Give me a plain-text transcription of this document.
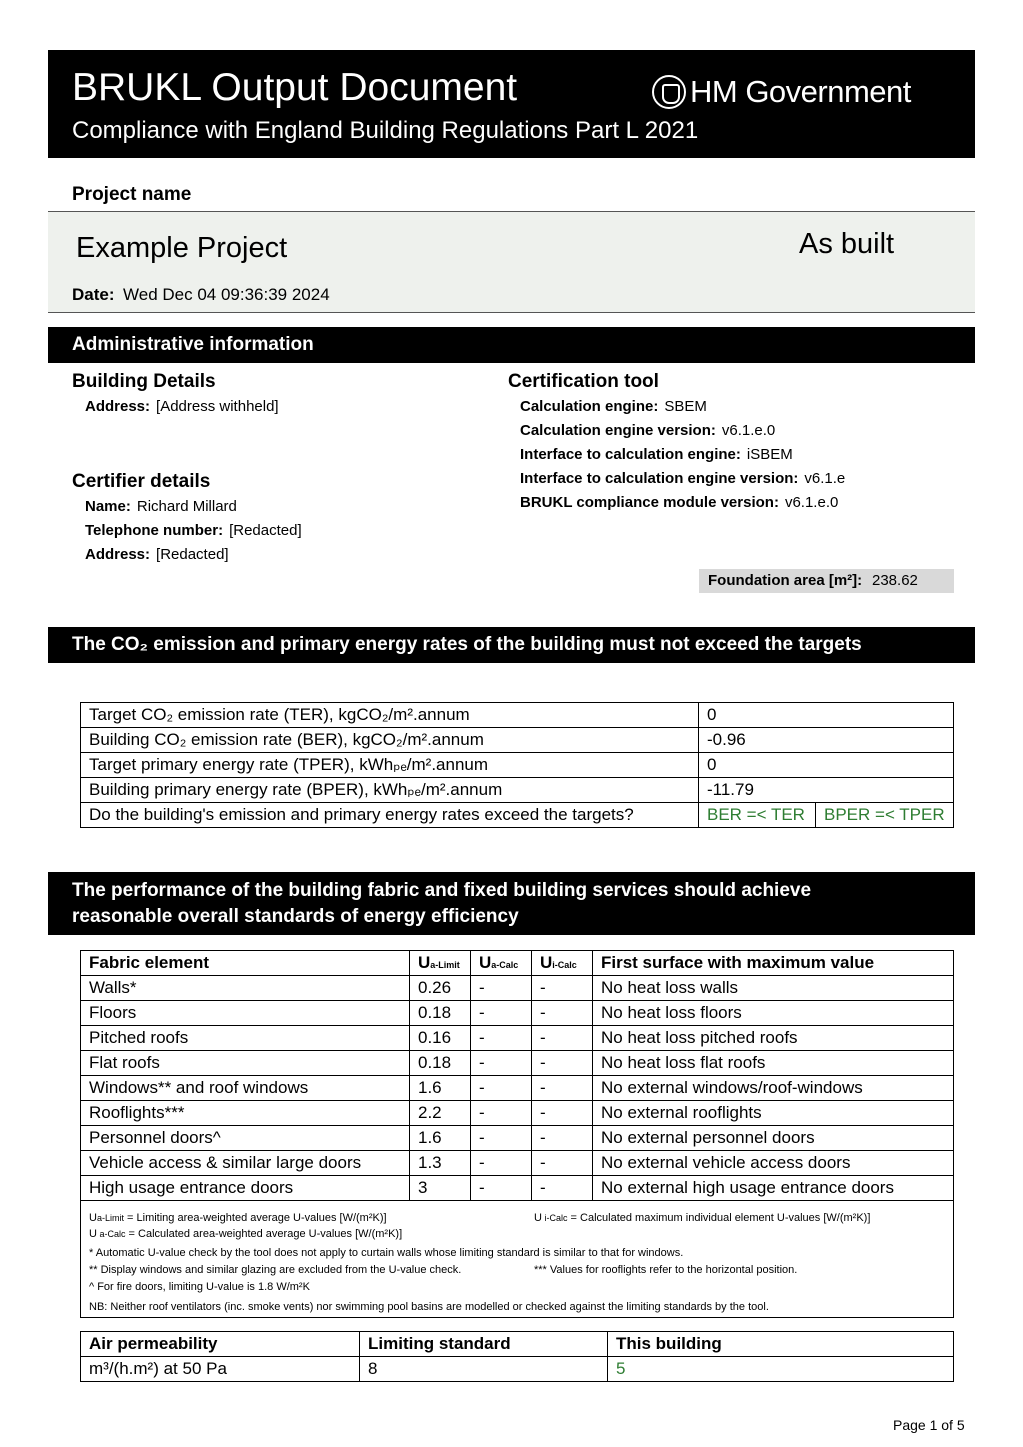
BRUKL Output Document
Compliance with England Building Regulations Part L 2021
HM Government
Project name
Example Project	As built
Date: Wed Dec 04 09:36:39 2024
Administrative information
Building Details
Address: [Address withheld]
Certifier details
Name: Richard Millard
Telephone number: [Redacted]
Address: [Redacted]
Certification tool
Calculation engine: SBEM
Calculation engine version: v6.1.e.0
Interface to calculation engine: iSBEM
Interface to calculation engine version: v6.1.e
BRUKL compliance module version: v6.1.e.0
Foundation area [m²]: 238.62
The CO₂ emission and primary energy rates of the building must not exceed the targets
Target CO₂ emission rate (TER), kgCO₂/m².annum	0	
Building CO₂ emission rate (BER), kgCO₂/m².annum	-0.96	
Target primary energy rate (TPER), kWhₚₑ/m².annum	0	
Building primary energy rate (BPER), kWhₚₑ/m².annum	-11.79	
Do the building's emission and primary energy rates exceed the targets?	BER =< TER	BPER =< TPER
The performance of the building fabric and fixed building services should achieve
reasonable overall standards of energy efficiency
Fabric element	Ua-Limit	Ua-Calc	Ui-Calc	First surface with maximum value
Walls*	0.26	-	-	No heat loss walls
Floors	0.18	-	-	No heat loss floors
Pitched roofs	0.16	-	-	No heat loss pitched roofs
Flat roofs	0.18	-	-	No heat loss flat roofs
Windows** and roof windows	1.6	-	-	No external windows/roof-windows
Rooflights***	2.2	-	-	No external rooflights
Personnel doors^	1.6	-	-	No external personnel doors
Vehicle access & similar large doors	1.3	-	-	No external vehicle access doors
High usage entrance doors	3	-	-	No external high usage entrance doors
Ua-Limit = Limiting area-weighted average U-values [W/(m²K)]	U i-Calc = Calculated maximum individual element U-values [W/(m²K)]
U a-Calc = Calculated area-weighted average U-values [W/(m²K)]
* Automatic U-value check by the tool does not apply to curtain walls whose limiting standard is similar to that for windows.
** Display windows and similar glazing are excluded from the U-value check.	*** Values for rooflights refer to the horizontal position.
^ For fire doors, limiting U-value is 1.8 W/m²K
NB: Neither roof ventilators (inc. smoke vents) nor swimming pool basins are modelled or checked against the limiting standards by the tool.
Air permeability	Limiting standard	This building
m³/(h.m²) at 50 Pa	8	5
Page 1 of 5
